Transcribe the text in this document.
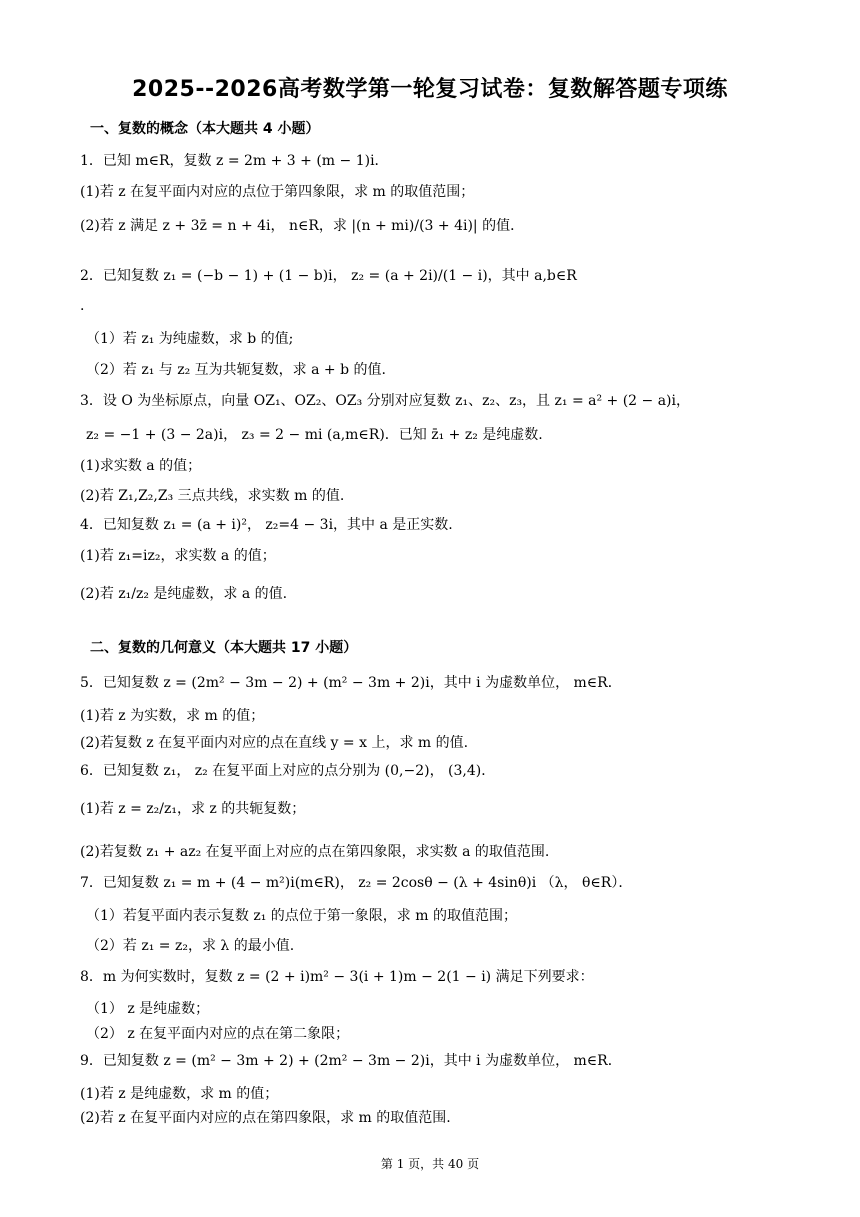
2025--2026高考数学第一轮复习试卷：复数解答题专项练
一、复数的概念（本大题共 4 小题）
1．已知 m∈R，复数 z = 2m + 3 + (m − 1)i．
(1)若 z 在复平面内对应的点位于第四象限，求 m 的取值范围；
(2)若 z 满足 z + 3z̄ = n + 4i， n∈R，求 |(n + mi)/(3 + 4i)| 的值．
2．已知复数 z₁ = (−b − 1) + (1 − b)i， z₂ = (a + 2i)/(1 − i)，其中 a,b∈R
·
（1）若 z₁ 为纯虚数，求 b 的值;
（2）若 z₁ 与 z₂ 互为共轭复数，求 a + b 的值.
3．设 O 为坐标原点，向量 OZ₁、OZ₂、OZ₃ 分别对应复数 z₁、z₂、z₃，且 z₁ = a² + (2 − a)i，
z₂ = −1 + (3 − 2a)i， z₃ = 2 − mi (a,m∈R)．已知 z̄₁ + z₂ 是纯虚数.
(1)求实数 a 的值；
(2)若 Z₁,Z₂,Z₃ 三点共线，求实数 m 的值.
4．已知复数 z₁ = (a + i)²， z₂=4 − 3i，其中 a 是正实数.
(1)若 z₁=iz₂，求实数 a 的值；
(2)若 z₁/z₂ 是纯虚数，求 a 的值.
二、复数的几何意义（本大题共 17 小题）
5．已知复数 z = (2m² − 3m − 2) + (m² − 3m + 2)i，其中 i 为虚数单位， m∈R．
(1)若 z 为实数，求 m 的值；
(2)若复数 z 在复平面内对应的点在直线 y = x 上，求 m 的值.
6．已知复数 z₁， z₂ 在复平面上对应的点分别为 (0,−2)， (3,4)．
(1)若 z = z₂/z₁，求 z 的共轭复数；
(2)若复数 z₁ + az₂ 在复平面上对应的点在第四象限，求实数 a 的取值范围.
7．已知复数 z₁ = m + (4 − m²)i(m∈R)， z₂ = 2cosθ − (λ + 4sinθ)i （λ， θ∈R）．
（1）若复平面内表示复数 z₁ 的点位于第一象限，求 m 的取值范围；
（2）若 z₁ = z₂，求 λ 的最小值.
8．m 为何实数时，复数 z = (2 + i)m² − 3(i + 1)m − 2(1 − i) 满足下列要求：
（1） z 是纯虚数；
（2） z 在复平面内对应的点在第二象限；
9．已知复数 z = (m² − 3m + 2) + (2m² − 3m − 2)i，其中 i 为虚数单位， m∈R．
(1)若 z 是纯虚数，求 m 的值；
(2)若 z 在复平面内对应的点在第四象限，求 m 的取值范围.
第 1 页，共 40 页
